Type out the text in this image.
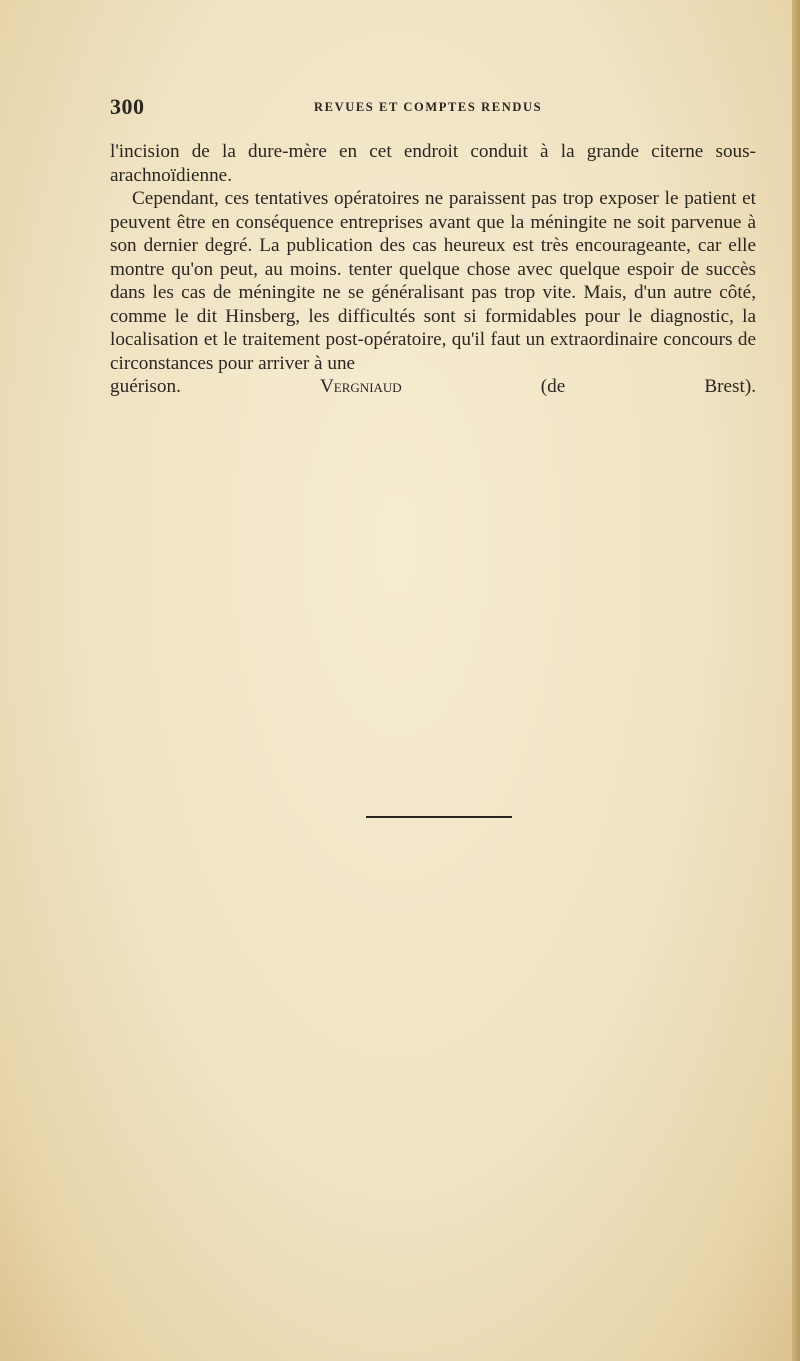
300	REVUES ET COMPTES RENDUS

l'incision de la dure-mère en cet endroit conduit à la grande citerne sous-arachnoïdienne.

Cependant, ces tentatives opératoires ne paraissent pas trop exposer le patient et peuvent être en conséquence entreprises avant que la méningite ne soit parvenue à son dernier degré. La publication des cas heureux est très encourageante, car elle montre qu'on peut, au moins. tenter quelque chose avec quelque espoir de succès dans les cas de méningite ne se généralisant pas trop vite. Mais, d'un autre côté, comme le dit Hinsberg, les difficultés sont si formidables pour le diagnostic, la localisation et le traitement post-opératoire, qu'il faut un extraordinaire concours de circonstances pour arriver à une

guérison.	Vergniaud	(de Brest).
